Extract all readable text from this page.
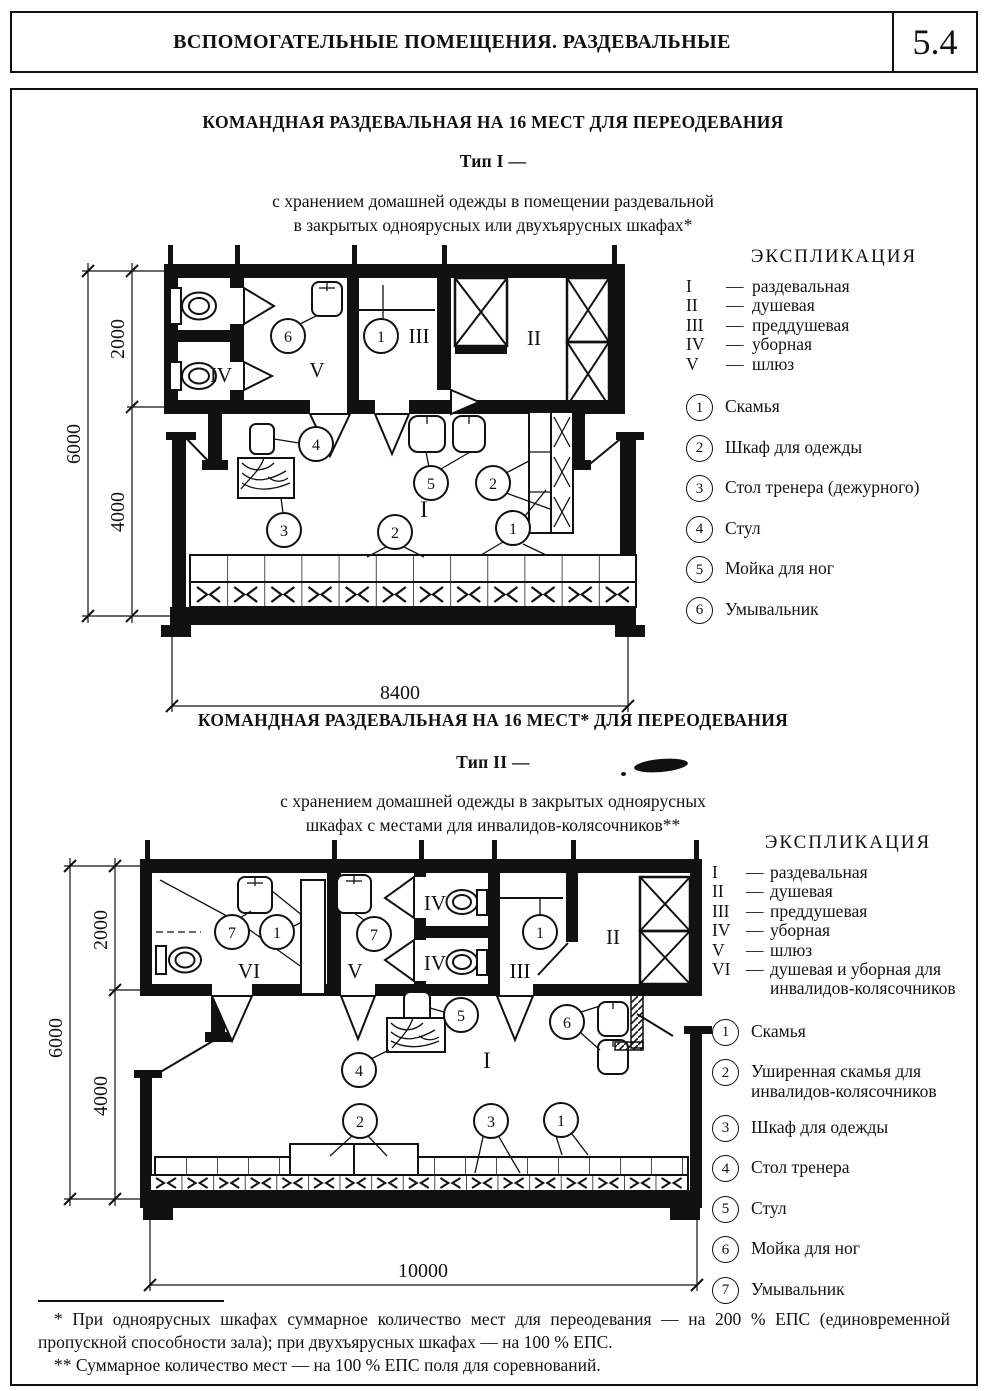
ВСПОМОГАТЕЛЬНЫЕ ПОМЕЩЕНИЯ. РАЗДЕВАЛЬНЫЕ	5.4
КОМАНДНАЯ РАЗДЕВАЛЬНАЯ НА 16 МЕСТ ДЛЯ ПЕРЕОДЕВАНИЯ
Тип I —
с хранением домашней одежды в помещении раздевальной
в закрытых одноярусных или двухъярусных шкафах*
6	1
4
3
5	2
1
2
IV	V
III	II
I
2000
4000
6000
8400
ЭКСПЛИКАЦИЯ
I	— раздевальная
II	— душевая
III	— преддушевая
IV	— уборная
V	— шлюз
1	Скамья
2	Шкаф для одежды
3	Стол тренера (дежурного)
4	Стул
5	Мойка для ног
6	Умывальник
КОМАНДНАЯ РАЗДЕВАЛЬНАЯ НА 16 МЕСТ* ДЛЯ ПЕРЕОДЕВАНИЯ
Тип II —
с хранением домашней одежды в закрытых одноярусных
шкафах с местами для инвалидов-колясочников**
7 1	7	1
5	6
4
2	3	1
VI	V
IV
IV	III
II
I
2000
4000
6000
10000
ЭКСПЛИКАЦИЯ
I	— раздевальная
II	— душевая
III — преддушевая
IV — уборная
V	— шлюз
VI — душевая и уборная для инвалидов-колясочников
1	Скамья
2	Уширенная скамья для инвалидов-колясочников
3	Шкаф для одежды
4	Стол тренера
5	Стул
6	Мойка для ног
7	Умывальник

* При одноярусных шкафах суммарное количество мест для переодевания — на 200 % ЕПС (единовременной пропускной способности зала); при двухъярусных шкафах — на 100 % ЕПС.

** Суммарное количество мест — на 100 % ЕПС поля для соревнований.
